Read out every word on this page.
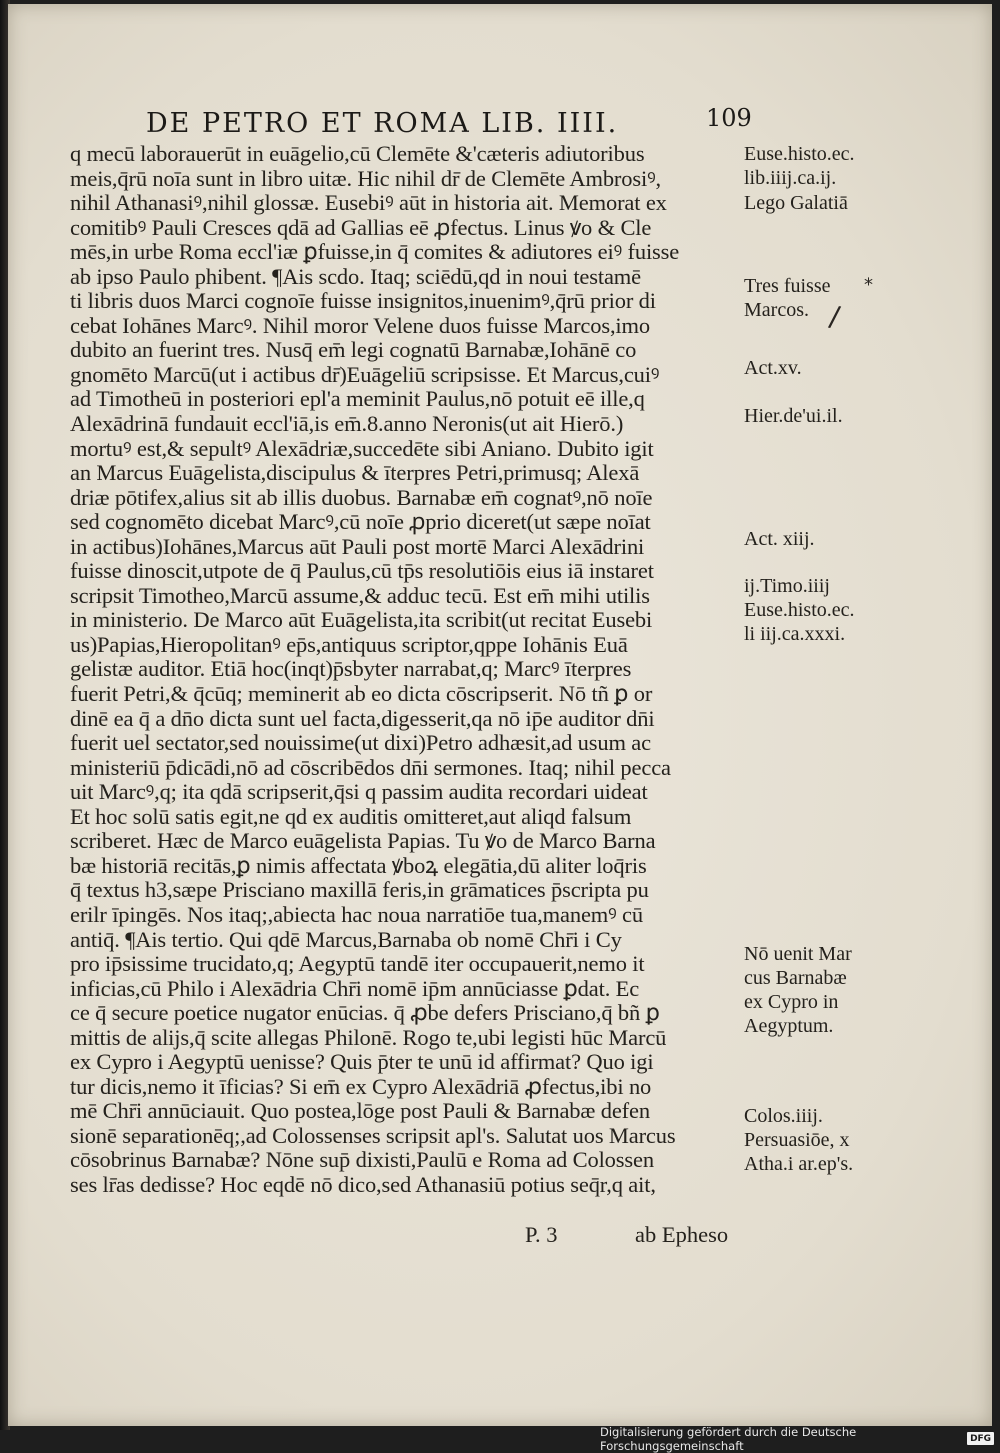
DE PETRO ET ROMA LIB. IIII.	109
q mecū laborauerūt in euāgelio,cū Clemēte &'cæteris adiutoribus
meis,q̄rū noīa sunt in libro uitæ. Hic nihil dr̄ de Clemēte Ambrosiꝰ,
nihil Athanasiꝰ,nihil glossæ. Eusebiꝰ aūt in historia ait. Memorat ex
comitibꝰ Pauli Cresces qdā ad Gallias eē ꝓfectus. Linus ꝟo & Cle
mēs,in urbe Roma eccl'iæ ꝑfuisse,in q̄ comites & adiutores eiꝰ fuisse
ab ipso Paulo phibent. ¶Ais scdo. Itaq; sciēdū,qd in noui testamē
ti libris duos Marci cognoīe fuisse insignitos,inuenimꝰ,q̄rū prior di
cebat Iohānes Marcꝰ. Nihil moror Velene duos fuisse Marcos,imo
dubito an fuerint tres. Nusq̄ em̄ legi cognatū Barnabæ,Iohānē co
gnomēto Marcū(ut i actibus dr̄)Euāgeliū scripsisse. Et Marcus,cuiꝰ
ad Timotheū in posteriori epl'a meminit Paulus,nō potuit eē ille,q
Alexādrinā fundauit eccl'iā,is em̄.8.anno Neronis(ut ait Hierō.)
mortuꝰ est,& sepultꝰ Alexādriæ,succedēte sibi Aniano. Dubito igit
an Marcus Euāgelista,discipulus & īterpres Petri,primusq; Alexā
driæ pōtifex,alius sit ab illis duobus. Barnabæ em̄ cognatꝰ,nō noīe
sed cognomēto dicebat Marcꝰ,cū noīe ꝓprio diceret(ut sæpe noīat
in actibus)Iohānes,Marcus aūt Pauli post mortē Marci Alexādrini
fuisse dinoscit,utpote de q̄ Paulus,cū tp̄s resolutiōis eius iā instaret
scripsit Timotheo,Marcū assume,& adduc tecū. Est em̄ mihi utilis
in ministerio. De Marco aūt Euāgelista,ita scribit(ut recitat Eusebi
us)Papias,Hieropolitanꝰ ep̄s,antiquus scriptor,qppe Iohānis Euā
gelistæ auditor. Etiā hoc(inqt)p̄sbyter narrabat,q; Marcꝰ īterpres
fuerit Petri,& q̄cūq; meminerit ab eo dicta cōscripserit. Nō tñ ꝑ or
dinē ea q̄ a dn̄o dicta sunt uel facta,digesserit,qa nō ip̄e auditor dn̄i
fuerit uel sectator,sed nouissime(ut dixi)Petro adhæsit,ad usum ac
ministeriū p̄dicādi,nō ad cōscribēdos dn̄i sermones. Itaq; nihil pecca
uit Marcꝰ,q; ita qdā scripserit,q̄si q passim audita recordari uideat
Et hoc solū satis egit,ne qd ex auditis omitteret,aut aliqd falsum
scriberet. Hæc de Marco euāgelista Papias. Tu ꝟo de Marco Barna
bæ historiā recitās,ꝑ nimis affectata ꝟboꝝ elegātia,dū aliter loq̄ris
q̄ textus h3,sæpe Prisciano maxillā feris,in grāmatices p̄scripta pu
erilr īpingēs. Nos itaq;,abiecta hac noua narratiōe tua,manemꝰ cū
antiq̄. ¶Ais tertio. Qui qdē Marcus,Barnaba ob nomē Chr̄i i Cy
pro ip̄sissime trucidato,q; Aegyptū tandē iter occupauerit,nemo it
inficias,cū Philo i Alexādria Chr̄i nomē ip̄m annūciasse ꝑdat. Ec
ce q̄ secure poetice nugator enūcias. q̄ ꝓbe defers Prisciano,q̄ bñ ꝑ
mittis de alijs,q̄ scite allegas Philonē. Rogo te,ubi legisti hūc Marcū
ex Cypro i Aegyptū uenisse? Quis p̄ter te unū id affirmat? Quo igi
tur dicis,nemo it īficias? Si em̄ ex Cypro Alexādriā ꝓfectus,ibi no
mē Chr̄i annūciauit. Quo postea,lōge post Pauli & Barnabæ defen
sionē separationēq;,ad Colossenses scripsit apl's. Salutat uos Marcus
cōsobrinus Barnabæ? Nōne sup̄ dixisti,Paulū e Roma ad Colossen
ses lr̄as dedisse? Hoc eqdē nō dico,sed Athanasiū potius seq̄r,q ait,
P. 3	ab Epheso
Euse.histo.ec.
lib.iiij.ca.ij.
Lego Galatiā
Tres fuisse
Marcos.
Act.xv.
Hier.de'ui.il.
Act. xiij.
ij.Timo.iiij
Euse.histo.ec.
li iij.ca.xxxi.
Nō uenit Mar
cus Barnabæ
ex Cypro in
Aegyptum.
Colos.iiij.
Persuasiōe, x
Atha.i ar.ep's.
⁎
/
Digitalisierung gefördert durch die Deutsche Forschungsgemeinschaft	DFG
